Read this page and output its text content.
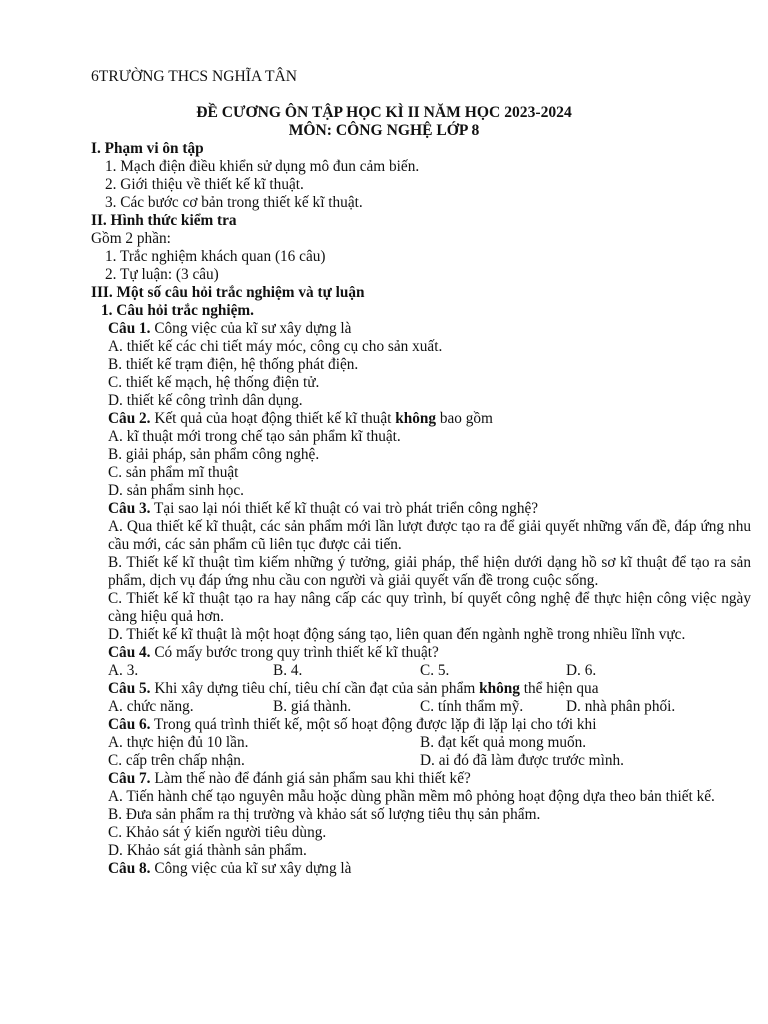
6TRƯỜNG THCS NGHĨA TÂN
ĐỀ CƯƠNG ÔN TẬP HỌC KÌ II NĂM HỌC 2023-2024
MÔN: CÔNG NGHỆ LỚP 8
I. Phạm vi ôn tập
1. Mạch điện điều khiển sử dụng mô đun cảm biến.
2. Giới thiệu về thiết kế kĩ thuật.
3. Các bước cơ bản trong thiết kế kĩ thuật.
II. Hình thức kiểm tra
Gồm 2 phần:
1. Trắc nghiệm khách quan (16 câu)
2. Tự luận: (3 câu)
III. Một số câu hỏi trắc nghiệm và tự luận
1. Câu hỏi trắc nghiệm.
Câu 1. Công việc của kĩ sư xây dựng là
A. thiết kế các chi tiết máy móc, công cụ cho sản xuất.
B. thiết kế trạm điện, hệ thống phát điện.
C. thiết kế mạch, hệ thống điện tử.
D. thiết kế công trình dân dụng.
Câu 2. Kết quả của hoạt động thiết kế kĩ thuật không bao gồm
A. kĩ thuật mới trong chế tạo sản phẩm kĩ thuật.
B. giải pháp, sản phẩm công nghệ.
C. sản phẩm mĩ thuật
D. sản phẩm sinh học.
Câu 3. Tại sao lại nói thiết kế kĩ thuật có vai trò phát triển công nghệ?
A. Qua thiết kế kĩ thuật, các sản phẩm mới lần lượt được tạo ra để giải quyết những vấn đề, đáp ứng nhu cầu mới, các sản phẩm cũ liên tục được cải tiến.
B. Thiết kế kĩ thuật tìm kiếm những ý tưởng, giải pháp, thể hiện dưới dạng hồ sơ kĩ thuật để tạo ra sản phẩm, dịch vụ đáp ứng nhu cầu con người và giải quyết vấn đề trong cuộc sống.
C. Thiết kế kĩ thuật tạo ra hay nâng cấp các quy trình, bí quyết công nghệ để thực hiện công việc ngày càng hiệu quả hơn.
D. Thiết kế kĩ thuật là một hoạt động sáng tạo, liên quan đến ngành nghề trong nhiều lĩnh vực.
Câu 4. Có mấy bước trong quy trình thiết kế kĩ thuật?
A. 3.	B. 4.	C. 5.	D. 6.
Câu 5. Khi xây dựng tiêu chí, tiêu chí cần đạt của sản phẩm không thể hiện qua
A. chức năng.	B. giá thành.	C. tính thẩm mỹ.	D. nhà phân phối.
Câu 6. Trong quá trình thiết kế, một số hoạt động được lặp đi lặp lại cho tới khi
A. thực hiện đủ 10 lần.	B. đạt kết quả mong muốn.
C. cấp trên chấp nhận.	D. ai đó đã làm được trước mình.
Câu 7. Làm thế nào để đánh giá sản phẩm sau khi thiết kế?
A. Tiến hành chế tạo nguyên mẫu hoặc dùng phần mềm mô phỏng hoạt động dựa theo bản thiết kế.
B. Đưa sản phẩm ra thị trường và khảo sát số lượng tiêu thụ sản phẩm.
C. Khảo sát ý kiến người tiêu dùng.
D. Khảo sát giá thành sản phẩm.
Câu 8. Công việc của kĩ sư xây dựng là
